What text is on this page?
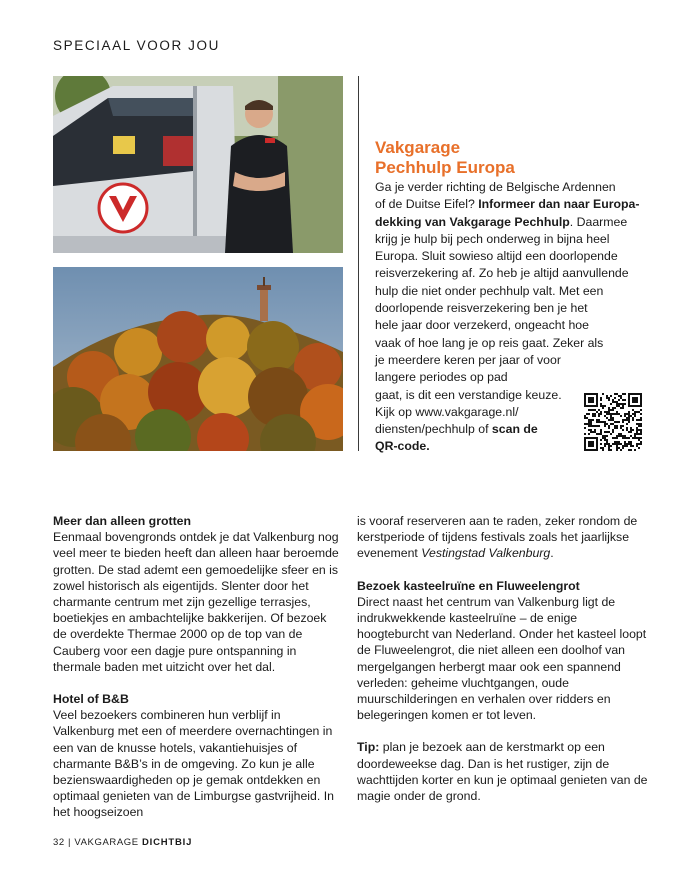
SPECIAAL VOOR JOU
Vakgarage
Pechhulp Europa

Ga je verder richting de Belgische Ardennen
of de Duitse Eifel? Informeer dan naar Europa-
dekking van Vakgarage Pechhulp. Daarmee
krijg je hulp bij pech onderweg in bijna heel
Europa. Sluit sowieso altijd een doorlopende
reisverzekering af. Zo heb je altijd aanvullende
hulp die niet onder pechhulp valt. Met een
doorlopende reisverzekering ben je het
hele jaar door verzekerd, ongeacht hoe
vaak of hoe lang je op reis gaat. Zeker als
je meerdere keren per jaar of voor
langere periodes op pad
gaat, is dit een verstandige keuze.
Kijk op www.vakgarage.nl/
diensten/pechhulp of scan de
QR-code.

Meer dan alleen grotten
Eenmaal bovengronds ontdek je dat Valkenburg nog veel meer te bieden heeft dan alleen haar beroemde grotten. De stad ademt een gemoedelijke sfeer en is zowel historisch als eigentijds. Slenter door het charmante centrum met zijn gezellige terrasjes, boetiekjes en ambachtelijke bakkerijen. Of bezoek de overdekte Thermae 2000 op de top van de Cauberg voor een dagje pure ontspanning in thermale baden met uitzicht over het dal.

Hotel of B&B
Veel bezoekers combineren hun verblijf in Valkenburg met een of meerdere overnachtingen in een van de knusse hotels, vakantiehuisjes of charmante B&B’s in de omgeving. Zo kun je alle bezienswaardigheden op je gemak ontdekken en optimaal genieten van de Limburgse gastvrijheid. In het hoogseizoen

is vooraf reserveren aan te raden, zeker rondom de kerstperiode of tijdens festivals zoals het jaarlijkse evenement Vestingstad Valkenburg.

Bezoek kasteelruïne en Fluweelengrot
Direct naast het centrum van Valkenburg ligt de indrukwekkende kasteelruïne – de enige hoogteburcht van Nederland. Onder het kasteel loopt de Fluweelengrot, die niet alleen een doolhof van mergelgangen herbergt maar ook een spannend verleden: geheime vluchtgangen, oude muurschilderingen en verhalen over ridders en belegeringen komen er tot leven.

Tip: plan je bezoek aan de kerstmarkt op een doordeweekse dag. Dan is het rustiger, zijn de wachttijden korter en kun je optimaal genieten van de magie onder de grond.

32 | VAKGARAGE DICHTBIJ
